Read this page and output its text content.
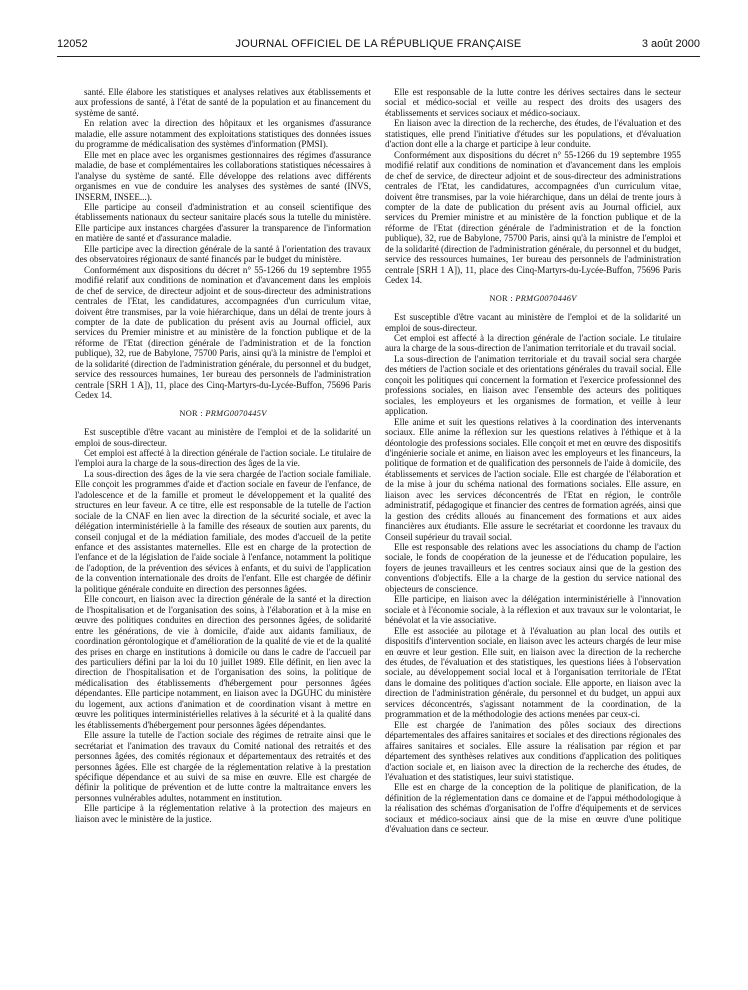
12052	JOURNAL OFFICIEL DE LA RÉPUBLIQUE FRANÇAISE	3 août 2000

santé. Elle élabore les statistiques et analyses relatives aux établissements et aux professions de santé, à l'état de santé de la population et au financement du système de santé.

En relation avec la direction des hôpitaux et les organismes d'assurance maladie, elle assure notamment des exploitations statistiques des données issues du programme de médicalisation des systèmes d'information (PMSI).

Elle met en place avec les organismes gestionnaires des régimes d'assurance maladie, de base et complémentaires les collaborations statistiques nécessaires à l'analyse du système de santé. Elle développe des relations avec différents organismes en vue de conduire les analyses des systèmes de santé (INVS, INSERM, INSEE...).

Elle participe au conseil d'administration et au conseil scientifique des établissements nationaux du secteur sanitaire placés sous la tutelle du ministère. Elle participe aux instances chargées d'assurer la transparence de l'information en matière de santé et d'assurance maladie.

Elle participe avec la direction générale de la santé à l'orientation des travaux des observatoires régionaux de santé financés par le budget du ministère.

Conformément aux dispositions du décret n° 55-1266 du 19 septembre 1955 modifié relatif aux conditions de nomination et d'avancement dans les emplois de chef de service, de directeur adjoint et de sous-directeur des administrations centrales de l'Etat, les candidatures, accompagnées d'un curriculum vitae, doivent être transmises, par la voie hiérarchique, dans un délai de trente jours à compter de la date de publication du présent avis au Journal officiel, aux services du Premier ministre et au ministère de la fonction publique et de la réforme de l'Etat (direction générale de l'administration et de la fonction publique), 32, rue de Babylone, 75700 Paris, ainsi qu'à la ministre de l'emploi et de la solidarité (direction de l'administration générale, du personnel et du budget, service des ressources humaines, 1er bureau des personnels de l'administration centrale [SRH 1 A]), 11, place des Cinq-Martyrs-du-Lycée-Buffon, 75696 Paris Cedex 14.

NOR : PRMG0070445V

Est susceptible d'être vacant au ministère de l'emploi et de la solidarité un emploi de sous-directeur.

Cet emploi est affecté à la direction générale de l'action sociale. Le titulaire de l'emploi aura la charge de la sous-direction des âges de la vie.

La sous-direction des âges de la vie sera chargée de l'action sociale familiale. Elle conçoit les programmes d'aide et d'action sociale en faveur de l'enfance, de l'adolescence et de la famille et promeut le développement et la qualité des structures en leur faveur. A ce titre, elle est responsable de la tutelle de l'action sociale de la CNAF en lien avec la direction de la sécurité sociale, et avec la délégation interministérielle à la famille des réseaux de soutien aux parents, du conseil conjugal et de la médiation familiale, des modes d'accueil de la petite enfance et des assistantes maternelles. Elle est en charge de la protection de l'enfance et de la législation de l'aide sociale à l'enfance, notamment la politique de l'adoption, de la prévention des sévices à enfants, et du suivi de l'application de la convention internationale des droits de l'enfant. Elle est chargée de définir la politique générale conduite en direction des personnes âgées.

Elle concourt, en liaison avec la direction générale de la santé et la direction de l'hospitalisation et de l'organisation des soins, à l'élaboration et à la mise en œuvre des politiques conduites en direction des personnes âgées, de solidarité entre les générations, de vie à domicile, d'aide aux aidants familiaux, de coordination gérontologique et d'amélioration de la qualité de vie et de la qualité des prises en charge en institutions à domicile ou dans le cadre de l'accueil par des particuliers défini par la loi du 10 juillet 1989. Elle définit, en lien avec la direction de l'hospitalisation et de l'organisation des soins, la politique de médicalisation des établissements d'hébergement pour personnes âgées dépendantes. Elle participe notamment, en liaison avec la DGUHC du ministère du logement, aux actions d'animation et de coordination visant à mettre en œuvre les politiques interministérielles relatives à la sécurité et à la qualité dans les établissements d'hébergement pour personnes âgées dépendantes.

Elle assure la tutelle de l'action sociale des régimes de retraite ainsi que le secrétariat et l'animation des travaux du Comité national des retraités et des personnes âgées, des comités régionaux et départementaux des retraités et des personnes âgées. Elle est chargée de la réglementation relative à la prestation spécifique dépendance et au suivi de sa mise en œuvre. Elle est chargée de définir la politique de prévention et de lutte contre la maltraitance envers les personnes vulnérables adultes, notamment en institution.

Elle participe à la réglementation relative à la protection des majeurs en liaison avec le ministère de la justice.

Elle est responsable de la lutte contre les dérives sectaires dans le secteur social et médico-social et veille au respect des droits des usagers des établissements et services sociaux et médico-sociaux.

En liaison avec la direction de la recherche, des études, de l'évaluation et des statistiques, elle prend l'initiative d'études sur les populations, et d'évaluation d'action dont elle a la charge et participe à leur conduite.

Conformément aux dispositions du décret n° 55-1266 du 19 septembre 1955 modifié relatif aux conditions de nomination et d'avancement dans les emplois de chef de service, de directeur adjoint et de sous-directeur des administrations centrales de l'Etat, les candidatures, accompagnées d'un curriculum vitae, doivent être transmises, par la voie hiérarchique, dans un délai de trente jours à compter de la date de publication du présent avis au Journal officiel, aux services du Premier ministre et au ministère de la fonction publique et de la réforme de l'Etat (direction générale de l'administration et de la fonction publique), 32, rue de Babylone, 75700 Paris, ainsi qu'à la ministre de l'emploi et de la solidarité (direction de l'administration générale, du personnel et du budget, service des ressources humaines, 1er bureau des personnels de l'administration centrale [SRH 1 A]), 11, place des Cinq-Martyrs-du-Lycée-Buffon, 75696 Paris Cedex 14.

NOR : PRMG0070446V

Est susceptible d'être vacant au ministère de l'emploi et de la solidarité un emploi de sous-directeur.

Cet emploi est affecté à la direction générale de l'action sociale. Le titulaire aura la charge de la sous-direction de l'animation territoriale et du travail social.

La sous-direction de l'animation territoriale et du travail social sera chargée des métiers de l'action sociale et des orientations générales du travail social. Elle conçoit les politiques qui concernent la formation et l'exercice professionnel des professions sociales, en liaison avec l'ensemble des acteurs des politiques sociales, les employeurs et les organismes de formation, et veille à leur application.

Elle anime et suit les questions relatives à la coordination des intervenants sociaux. Elle anime la réflexion sur les questions relatives à l'éthique et à la déontologie des professions sociales. Elle conçoit et met en œuvre des dispositifs d'ingénierie sociale et anime, en liaison avec les employeurs et les financeurs, la politique de formation et de qualification des personnels de l'aide à domicile, des établissements et services de l'action sociale. Elle est chargée de l'élaboration et de la mise à jour du schéma national des formations sociales. Elle assure, en liaison avec les services déconcentrés de l'Etat en région, le contrôle administratif, pédagogique et financier des centres de formation agréés, ainsi que la gestion des crédits alloués au financement des formations et aux aides financières aux étudiants. Elle assure le secrétariat et coordonne les travaux du Conseil supérieur du travail social.

Elle est responsable des relations avec les associations du champ de l'action sociale, le fonds de coopération de la jeunesse et de l'éducation populaire, les foyers de jeunes travailleurs et les centres sociaux ainsi que de la gestion des conventions d'objectifs. Elle a la charge de la gestion du service national des objecteurs de conscience.

Elle participe, en liaison avec la délégation interministérielle à l'innovation sociale et à l'économie sociale, à la réflexion et aux travaux sur le volontariat, le bénévolat et la vie associative.

Elle est associée au pilotage et à l'évaluation au plan local des outils et dispositifs d'intervention sociale, en liaison avec les acteurs chargés de leur mise en œuvre et leur gestion. Elle suit, en liaison avec la direction de la recherche des études, de l'évaluation et des statistiques, les questions liées à l'observation sociale, au développement social local et à l'organisation territoriale de l'Etat dans le domaine des politiques d'action sociale. Elle apporte, en liaison avec la direction de l'administration générale, du personnel et du budget, un appui aux services déconcentrés, s'agissant notamment de la coordination, de la programmation et de la méthodologie des actions menées par ceux-ci.

Elle est chargée de l'animation des pôles sociaux des directions départementales des affaires sanitaires et sociales et des directions régionales des affaires sanitaires et sociales. Elle assure la réalisation par région et par département des synthèses relatives aux conditions d'application des politiques d'action sociale et, en liaison avec la direction de la recherche des études, de l'évaluation et des statistiques, leur suivi statistique.

Elle est en charge de la conception de la politique de planification, de la définition de la réglementation dans ce domaine et de l'appui méthodologique à la réalisation des schémas d'organisation de l'offre d'équipements et de services sociaux et médico-sociaux ainsi que de la mise en œuvre d'une politique d'évaluation dans ce secteur.
